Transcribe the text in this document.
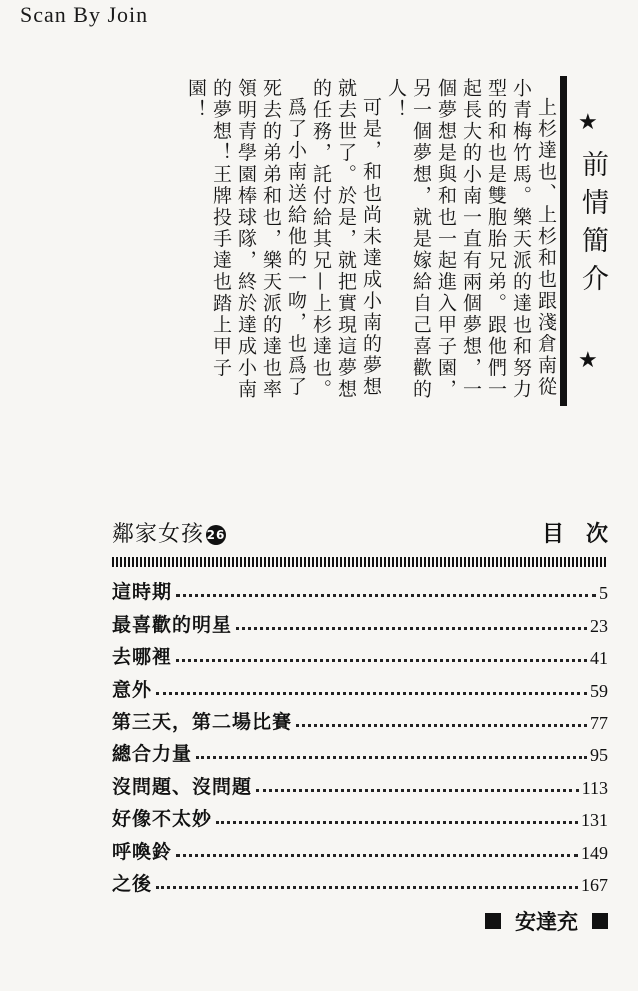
Scan By Join

上杉達也、上杉和也跟淺倉南從小青梅竹馬。樂天派的達也和努力型的和也是雙胞胎兄弟。跟他們一起長大的小南一直有兩個夢想，一個夢想是與和也一起進入甲子園，另一個夢想，就是嫁給自己喜歡的人！

可是，和也尚未達成小南的夢想就去世了。於是，就把實現這夢想的任務，託付給其兄—上杉達也。

爲了小南送給他的一吻，也爲了死去的弟弟和也，樂天派的達也率領明青學園棒球隊，終於達成小南的夢想！王牌投手達也踏上甲子園！

★
前情簡介
★
鄰家女孩 26	目次
這時期	5
最喜歡的明星	23
去哪裡	41
意外	59
第三天，第二場比賽	77
總合力量	95
沒問題、沒問題	113
好像不太妙	131
呼喚鈴	149
之後	167
安達充
